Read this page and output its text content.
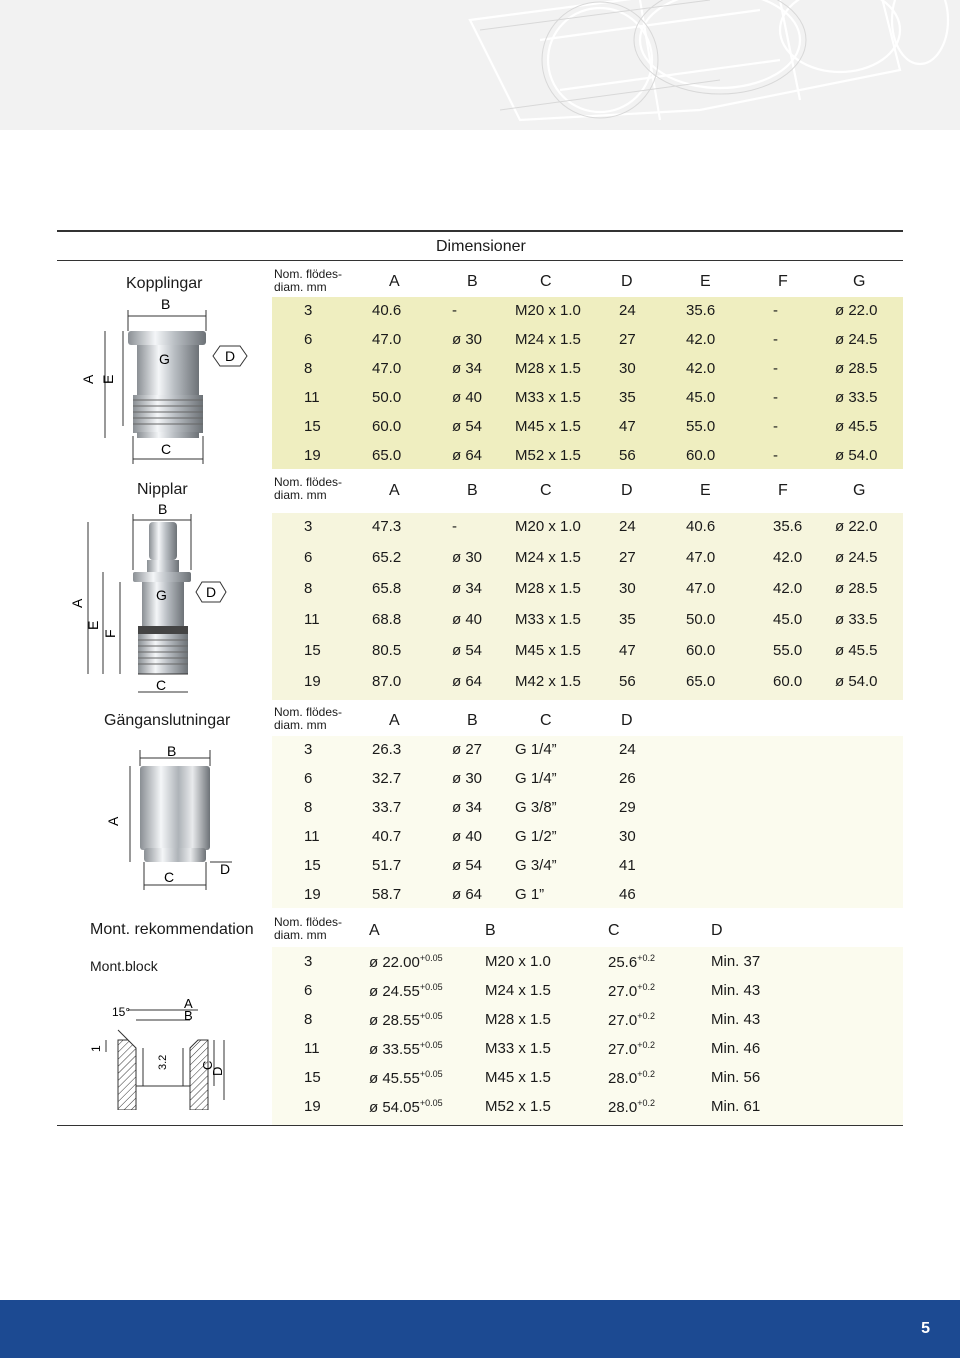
Dimensioner
Kopplingar
Nom. flödes-
diam. mm	A	B	C	D	E	F	G
3	40.6	-	M20 x 1.0	24	35.6	-	ø 22.0
6	47.0	ø 30 M24 x 1.5	27	42.0	-	ø 24.5
8	47.0	ø 34 M28 x 1.5	30	42.0	-	ø 28.5
11	50.0	ø 40 M33 x 1.5	35	45.0	-	ø 33.5
15	60.0	ø 54 M45 x 1.5	47	55.0	-	ø 45.5
19	65.0	ø 64 M52 x 1.5	56	60.0	-	ø 54.0
B
G
C
D
A E
Nipplar	Nom. flödes-
diam. mm	A	B	C	D	E	F	G
3	47.3	-	M20 x 1.0	24	40.6	35.6 ø 22.0
6	65.2	ø 30 M24 x 1.5	27	47.0	42.0 ø 24.5
8	65.8	ø 34 M28 x 1.5	30	47.0	42.0 ø 28.5
11	68.8	ø 40 M33 x 1.5	35	50.0	45.0 ø 33.5
15	80.5	ø 54 M45 x 1.5	47	60.0	55.0 ø 45.5
19	87.0	ø 64 M42 x 1.5	56	65.0	60.0 ø 54.0
B
G
C
D
A
E
F
Gänganslutningar	Nom. flödes-
diam. mm	A	B	C	D
3	26.3	ø 27 G 1/4”	24
6	32.7	ø 30 G 1/4”	26
8	33.7	ø 34 G 3/8”	29
11	40.7	ø 40 G 1/2”	30
15	51.7	ø 54 G 3/4”	41
19	58.7	ø 64 G 1”	46
B
C	D
A
Mont. rekommendation
Mont.block
Nom. flödes-
diam. mm	A	B	C	D
3	ø $22.00^{+0.05}$	M20 x 1.0	$25.6^{+0.2}$	Min. 37
6	ø $24.55^{+0.05}$	M24 x 1.5	$27.0^{+0.2}$	Min. 43
8	ø $28.55^{+0.05}$	M28 x 1.5	$27.0^{+0.2}$	Min. 43
11	ø $33.55^{+0.05}$	M33 x 1.5	$27.0^{+0.2}$	Min. 46
15	ø $45.55^{+0.05}$	M45 x 1.5	$28.0^{+0.2}$	Min. 56
19	ø $54.05^{+0.05}$	M52 x 1.5	$28.0^{+0.2}$	Min. 61
15°
A
B
1
3.2 C
D
5
